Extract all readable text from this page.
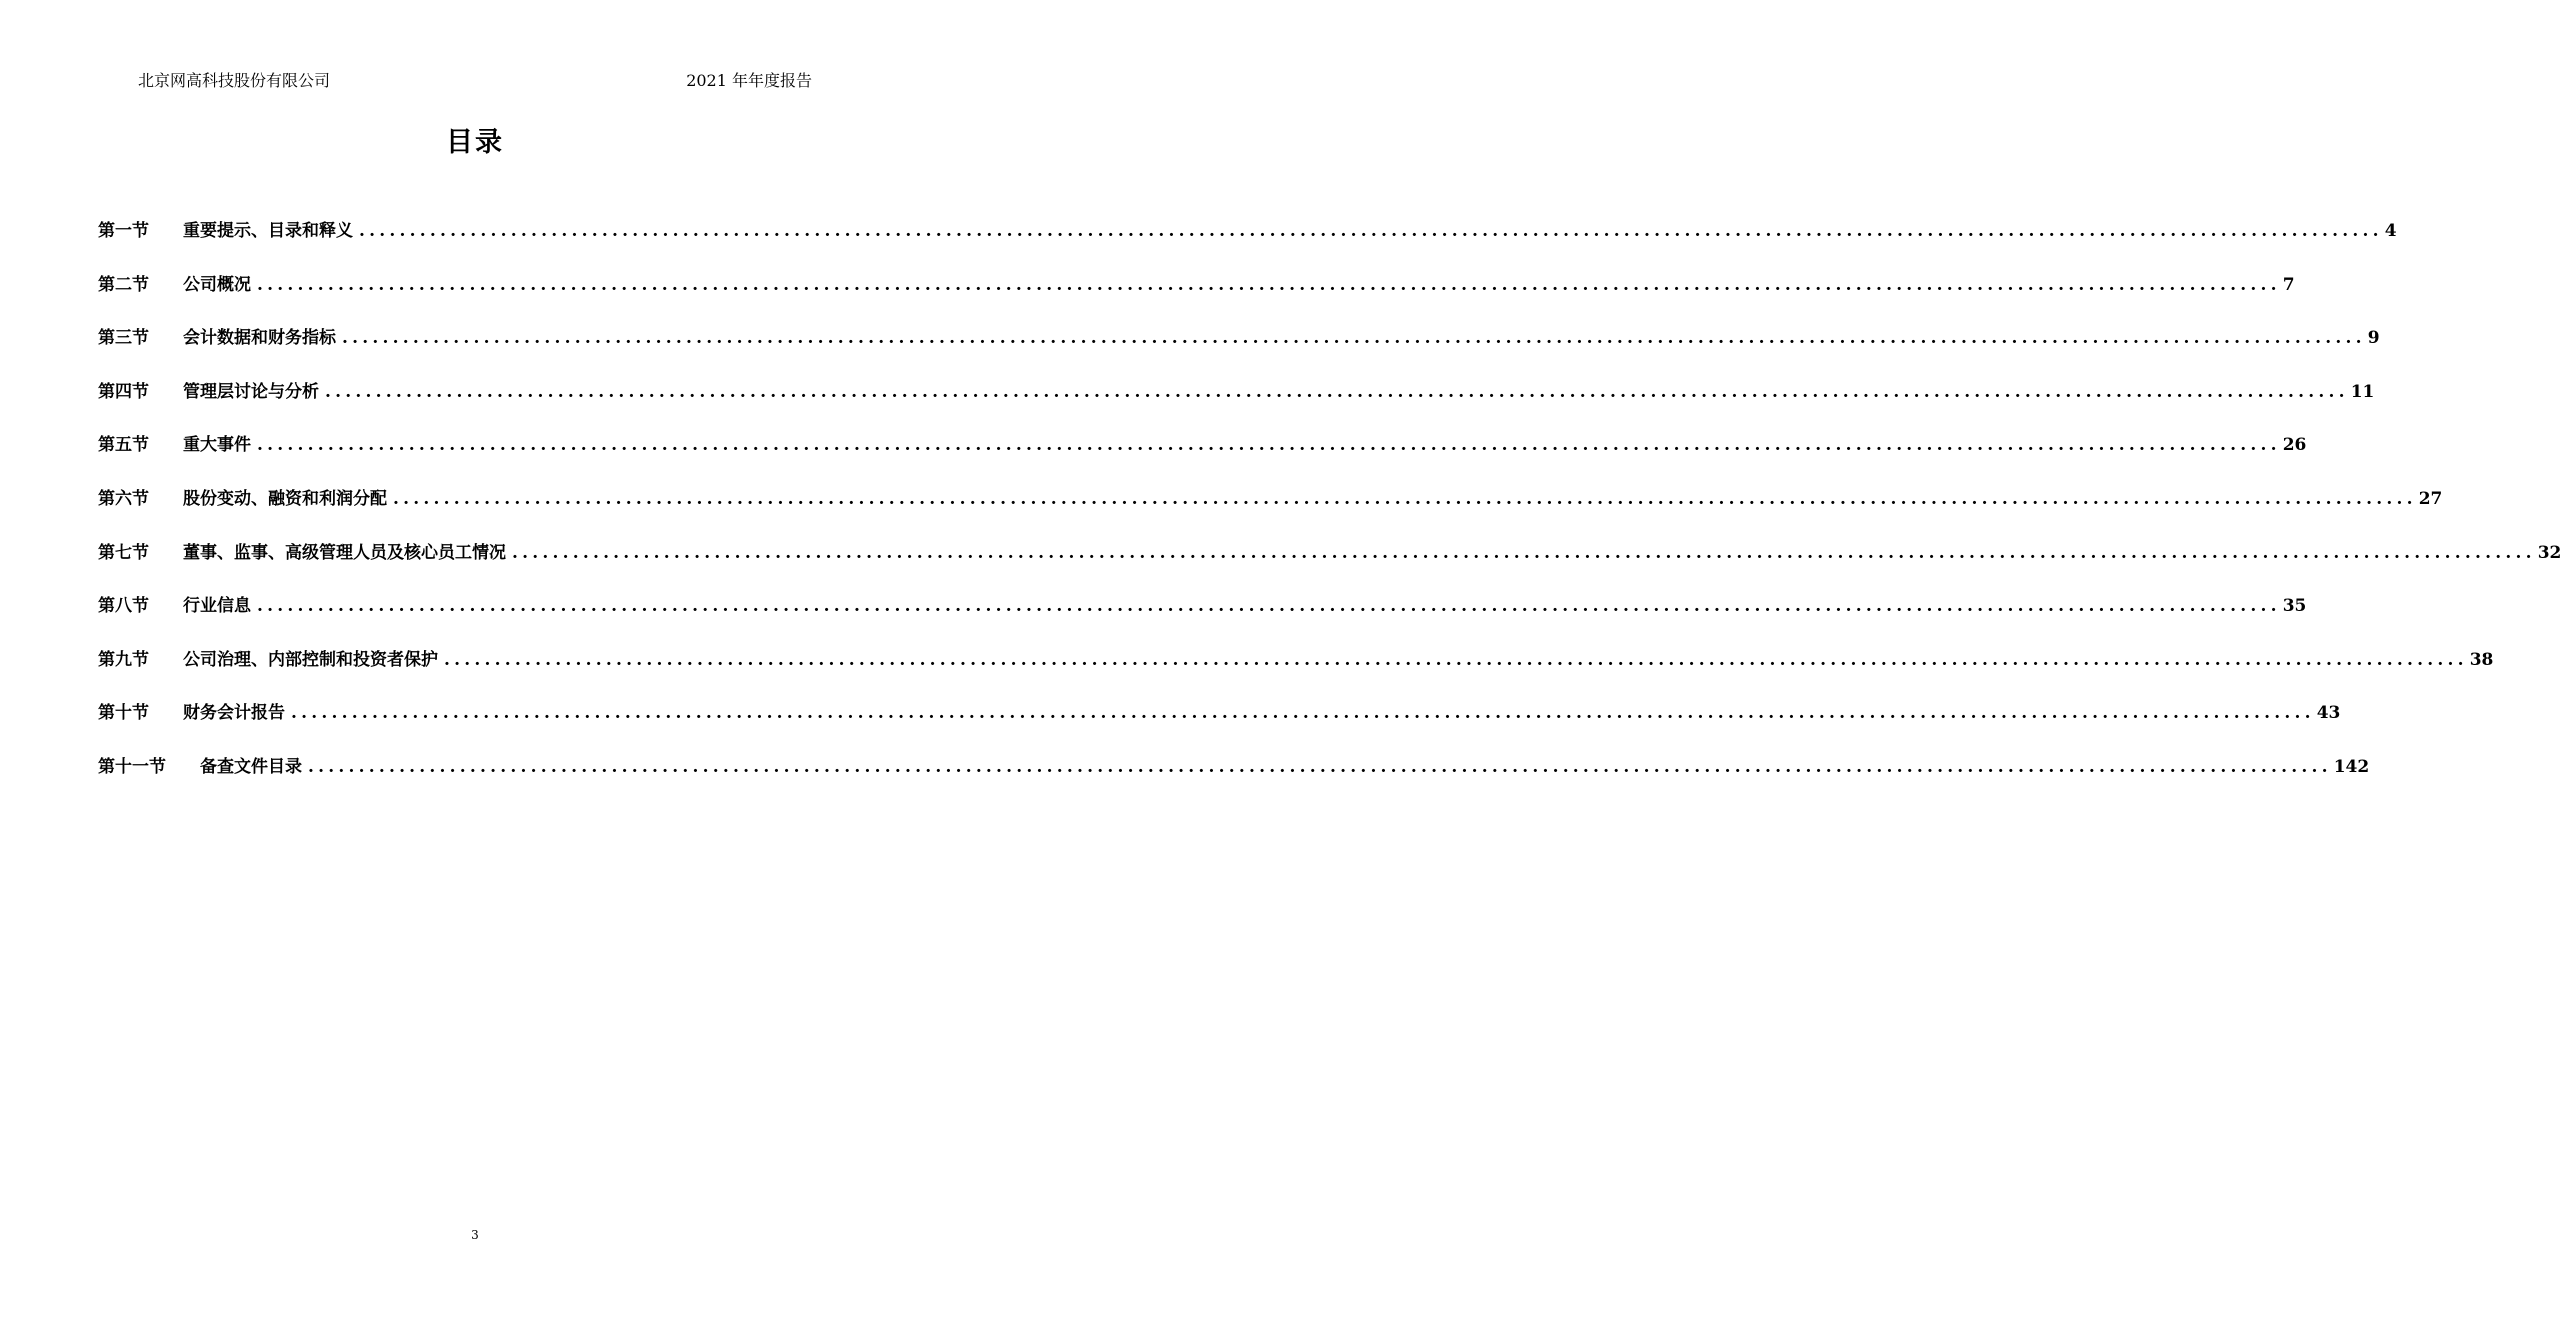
北京网高科技股份有限公司	2021 年年度报告
目录
第一节	重要提示、目录和释义 ........................................................................................................................................................................................................ 4
第二节	公司概况 ........................................................................................................................................................................................................ 7
第三节	会计数据和财务指标 ........................................................................................................................................................................................................ 9
第四节	管理层讨论与分析 ........................................................................................................................................................................................................ 11
第五节	重大事件 ........................................................................................................................................................................................................ 26
第六节	股份变动、融资和利润分配 ........................................................................................................................................................................................................ 27
第七节	董事、监事、高级管理人员及核心员工情况 ........................................................................................................................................................................................................ 32
第八节	行业信息 ........................................................................................................................................................................................................ 35
第九节	公司治理、内部控制和投资者保护 ........................................................................................................................................................................................................ 38
第十节	财务会计报告 ........................................................................................................................................................................................................ 43
第十一节	备查文件目录 ........................................................................................................................................................................................................ 142
3
